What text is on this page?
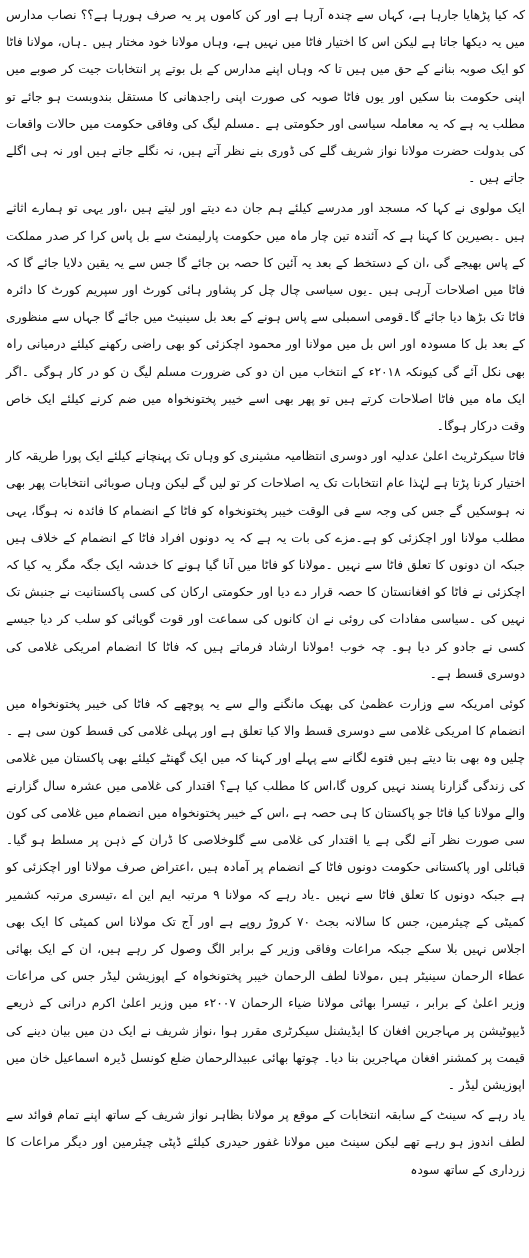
کہ کیا پڑھایا جارہا ہے، کہاں سے چندہ آرہا ہے اور کن کاموں پر یہ صرف ہورہا ہے؟؟ نصاب مدارس میں یہ دیکھا جاتا ہے لیکن اس کا اختیار فاٹا میں نہیں ہے، وہاں مولانا خود مختار ہیں ۔ہاں، مولانا فاٹا کو ایک صوبہ بنانے کے حق میں ہیں تا کہ وہاں اپنے مدارس کے بل بوتے پر انتخابات جیت کر صوبے میں اپنی حکومت بنا سکیں اور یوں فاٹا صوبہ کی صورت اپنی راجدھانی کا مستقل بندوبست ہو جائے تو مطلب یہ ہے کہ یہ معاملہ سیاسی اور حکومتی ہے ۔مسلم لیگ کی وفاقی حکومت میں حالات واقعات کی بدولت حضرت مولانا نواز شریف گلے کی ڈوری بنے نظر آتے ہیں، نہ نگلے جاتے ہیں اور نہ ہی اگلے جاتے ہیں ۔

ایک مولوی نے کہا کہ مسجد اور مدرسے کیلئے ہم جان دے دیتے اور لیتے ہیں ،اور یہی تو ہمارے اثاثے ہیں ۔بصیرین کا کہنا ہے کہ آئندہ تین چار ماہ میں حکومت پارلیمنٹ سے بل پاس کرا کر صدر مملکت کے پاس بھیجے گی ،ان کے دستخط کے بعد یہ آئین کا حصہ بن جائے گا جس سے یہ یقین دلایا جائے گا کہ فاٹا میں اصلاحات آرہی ہیں ۔یوں سیاسی چال چل کر پشاور ہائی کورٹ اور سپریم کورٹ کا دائرہ فاٹا تک بڑھا دیا جائے گا۔قومی اسمبلی سے پاس ہونے کے بعد بل سینیٹ میں جائے گا جہاں سے منظوری کے بعد بل کا مسودہ اور اس بل میں مولانا اور محمود اچکزئی کو بھی راضی رکھنے کیلئے درمیانی راہ بھی نکل آئے گی کیونکہ ۲۰۱۸ء کے انتخاب میں ان دو کی ضرورت مسلم لیگ ن کو در کار ہوگی ۔اگر ایک ماہ میں فاٹا اصلاحات کرتے ہیں تو پھر بھی اسے خیبر پختونخواہ میں ضم کرنے کیلئے ایک خاص وقت درکار ہوگا۔

فاٹا سیکرٹریٹ اعلیٰ عدلیہ اور دوسری انتظامیہ مشینری کو وہاں تک پہنچانے کیلئے ایک پورا طریقہ کار اختیار کرنا پڑتا ہے لہٰذا عام انتخابات تک یہ اصلاحات کر تو لیں گے لیکن وہاں صوبائی انتخابات پھر بھی نہ ہوسکیں گے جس کی وجہ سے فی الوقت خیبر پختونخواہ کو فاٹا کے انضمام کا فائدہ نہ ہوگا، یہی مطلب مولانا اور اچکزئی کو ہے۔مزے کی بات یہ ہے کہ یہ دونوں افراد فاٹا کے انضمام کے خلاف ہیں جبکہ ان دونوں کا تعلق فاٹا سے نہیں ۔مولانا کو فاٹا میں آنا گیا ہونے کا خدشہ ایک جگہ مگر یہ کیا کہ اچکزئی نے فاٹا کو افغانستان کا حصہ قرار دے دیا اور حکومتی ارکان کی کسی پاکستانیت نے جنبش تک نہیں کی ۔سیاسی مفادات کی روئی نے ان کانوں کی سماعت اور قوت گویائی کو سلب کر دیا جیسے کسی نے جادو کر دیا ہو۔ چہ خوب !مولانا ارشاد فرماتے ہیں کہ فاٹا کا انضمام امریکی غلامی کی دوسری قسط ہے۔

کوئی امریکہ سے وزارت عظمیٰ کی بھیک مانگنے والے سے یہ پوچھے کہ فاٹا کی خیبر پختونخواہ میں انضمام کا امریکی غلامی سے دوسری قسط والا کیا تعلق ہے اور پہلی غلامی کی قسط کون سی ہے ۔چلیں وہ بھی بتا دیتے ہیں فتوے لگانے سے پہلے اور کہنا کہ میں ایک گھنٹے کیلئے بھی پاکستان میں غلامی کی زندگی گزارنا پسند نہیں کروں گا،اس کا مطلب کیا ہے؟ اقتدار کی غلامی میں عشرہ سال گزارنے والے مولانا کیا فاٹا جو پاکستان کا ہی حصہ ہے ،اس کے خیبر پختونخواہ میں انضمام میں غلامی کی کون سی صورت نظر آنے لگی ہے یا اقتدار کی غلامی سے گلوخلاصی کا ڈران کے ذہن پر مسلط ہو گیا۔قبائلی اور پاکستانی حکومت دونوں فاٹا کے انضمام پر آمادہ ہیں ،اعتراض صرف مولانا اور اچکزئی کو ہے جبکہ دونوں کا تعلق فاٹا سے نہیں ۔یاد رہے کہ مولانا ۹ مرتبہ ایم این اے ،تیسری مرتبہ کشمیر کمیٹی کے چیئرمین، جس کا سالانہ بجٹ ۷۰ کروڑ روپے ہے اور آج تک مولانا اس کمیٹی کا ایک بھی اجلاس نہیں بلا سکے جبکہ مراعات وفاقی وزیر کے برابر الگ وصول کر رہے ہیں، ان کے ایک بھائی عطاء الرحمان سینیٹر ہیں ،مولانا لطف الرحمان خیبر پختونخواہ کے اپوزیشن لیڈر جس کی مراعات وزیر اعلیٰ کے برابر ، تیسرا بھائی مولانا ضیاء الرحمان ۲۰۰۷ء میں وزیر اعلیٰ اکرم درانی کے ذریعے ڈیپوٹیشن پر مہاجرین افغان کا ایڈیشنل سیکرٹری مقرر ہوا ،نواز شریف نے ایک دن میں بیان دینے کی قیمت پر کمشنر افغان مہاجرین بنا دیا۔ چوتھا بھائی عبیدالرحمان ضلع کونسل ڈیرہ اسماعیل خان میں اپوزیشن لیڈر ۔

یاد رہے کہ سینٹ کے سابقہ انتخابات کے موقع پر مولانا بظاہر نواز شریف کے ساتھ اپنے تمام فوائد سے لطف اندوز ہو رہے تھے لیکن سینٹ میں مولانا غفور حیدری کیلئے ڈپٹی چیئرمین اور دیگر مراعات کا زرداری کے ساتھ سودہ
